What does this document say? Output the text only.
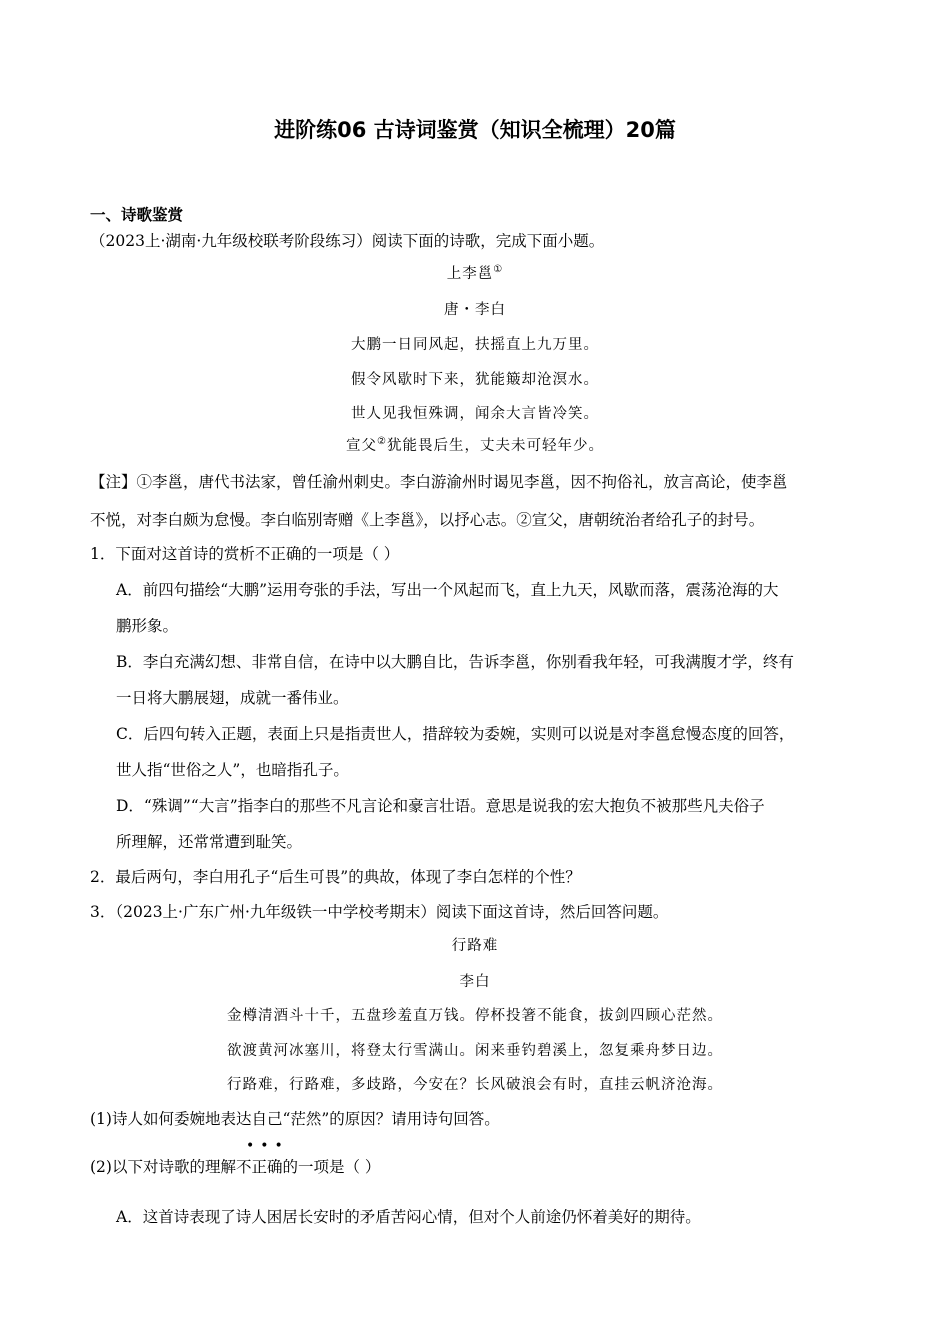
进阶练06 古诗词鉴赏（知识全梳理）20篇
一、诗歌鉴赏
（2023上·湖南·九年级校联考阶段练习）阅读下面的诗歌，完成下面小题。
上李邕①
唐・李白
大鹏一日同风起，扶摇直上九万里。
假令风歇时下来，犹能簸却沧溟水。
世人见我恒殊调，闻余大言皆冷笑。
宣父②犹能畏后生，丈夫未可轻年少。
【注】①李邕，唐代书法家，曾任渝州刺史。李白游渝州时谒见李邕，因不拘俗礼，放言高论，使李邕
不悦，对李白颇为怠慢。李白临别寄赠《上李邕》，以抒心志。②宣父，唐朝统治者给孔子的封号。
1．下面对这首诗的赏析不正确的一项是（ ）
A．前四句描绘“大鹏”运用夸张的手法，写出一个风起而飞，直上九天，风歇而落，震荡沧海的大
鹏形象。
B．李白充满幻想、非常自信，在诗中以大鹏自比，告诉李邕，你别看我年轻，可我满腹才学，终有
一日将大鹏展翅，成就一番伟业。
C．后四句转入正题，表面上只是指责世人，措辞较为委婉，实则可以说是对李邕怠慢态度的回答，
世人指“世俗之人”，也暗指孔子。
D．“殊调”“大言”指李白的那些不凡言论和豪言壮语。意思是说我的宏大抱负不被那些凡夫俗子
所理解，还常常遭到耻笑。
2．最后两句，李白用孔子“后生可畏”的典故，体现了李白怎样的个性？
3．（2023上·广东广州·九年级铁一中学校考期末）阅读下面这首诗，然后回答问题。
行路难
李白
金樽清酒斗十千，五盘珍羞直万钱。停杯投箸不能食，拔剑四顾心茫然。
欲渡黄河冰塞川，将登太行雪满山。闲来垂钓碧溪上，忽复乘舟梦日边。
行路难，行路难，多歧路，今安在？长风破浪会有时，直挂云帆济沧海。
(1)诗人如何委婉地表达自己“茫然”的原因？请用诗句回答。
•••
(2)以下对诗歌的理解不正确的一项是（ ）
A．这首诗表现了诗人困居长安时的矛盾苦闷心情，但对个人前途仍怀着美好的期待。
